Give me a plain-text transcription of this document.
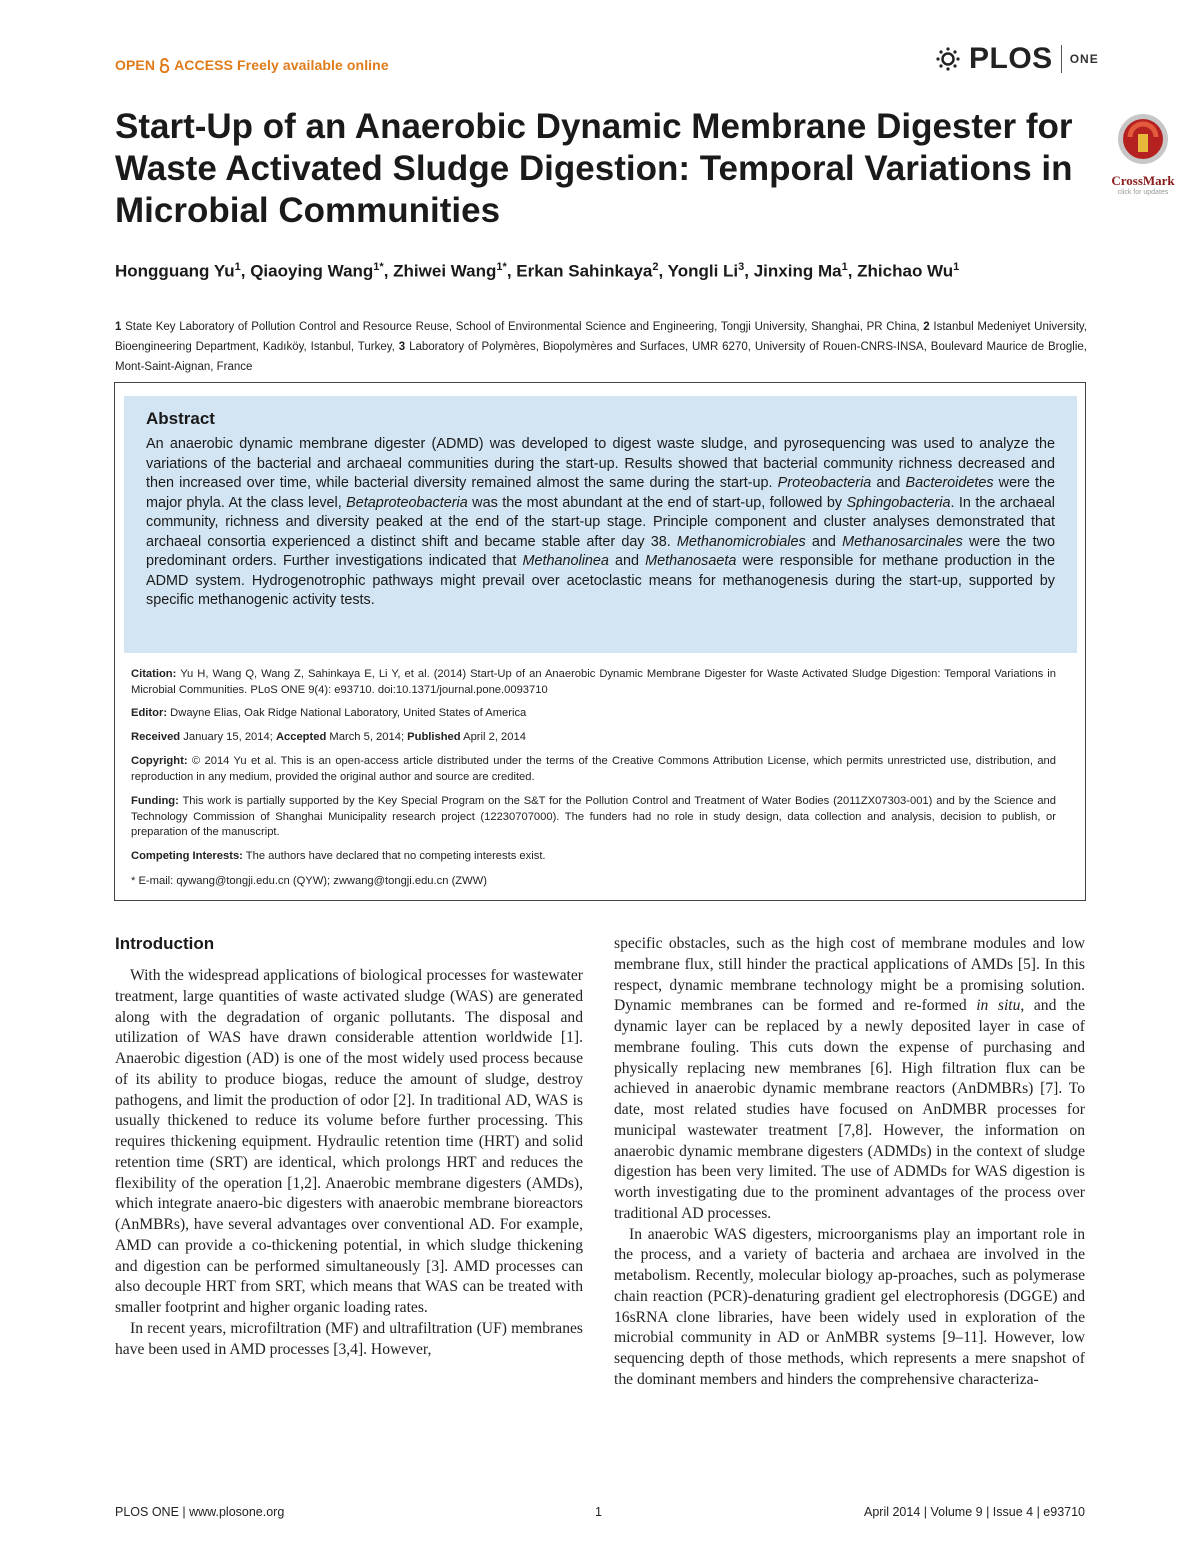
OPEN ACCESS Freely available online	PLOS ONE
Start-Up of an Anaerobic Dynamic Membrane Digester for Waste Activated Sludge Digestion: Temporal Variations in Microbial Communities
CrossMark
click for updates
Hongguang Yu$^1$, Qiaoying Wang$^{1*}$, Zhiwei Wang$^{1*}$, Erkan Sahinkaya$^2$, Yongli Li$^3$, Jinxing Ma$^1$, Zhichao Wu$^1$
1 State Key Laboratory of Pollution Control and Resource Reuse, School of Environmental Science and Engineering, Tongji University, Shanghai, PR China, 2 Istanbul Medeniyet University, Bioengineering Department, Kadıköy, Istanbul, Turkey, 3 Laboratory of Polymères, Biopolymères and Surfaces, UMR 6270, University of Rouen-CNRS-INSA, Boulevard Maurice de Broglie, Mont-Saint-Aignan, France
Abstract

An anaerobic dynamic membrane digester (ADMD) was developed to digest waste sludge, and pyrosequencing was used to analyze the variations of the bacterial and archaeal communities during the start-up. Results showed that bacterial community richness decreased and then increased over time, while bacterial diversity remained almost the same during the start-up. Proteobacteria and Bacteroidetes were the major phyla. At the class level, Betaproteobacteria was the most abundant at the end of start-up, followed by Sphingobacteria. In the archaeal community, richness and diversity peaked at the end of the start-up stage. Principle component and cluster analyses demonstrated that archaeal consortia experienced a distinct shift and became stable after day 38. Methanomicrobiales and Methanosarcinales were the two predominant orders. Further investigations indicated that Methanolinea and Methanosaeta were responsible for methane production in the ADMD system. Hydrogenotrophic pathways might prevail over acetoclastic means for methanogenesis during the start-up, supported by specific methanogenic activity tests.

Citation: Yu H, Wang Q, Wang Z, Sahinkaya E, Li Y, et al. (2014) Start-Up of an Anaerobic Dynamic Membrane Digester for Waste Activated Sludge Digestion: Temporal Variations in Microbial Communities. PLoS ONE 9(4): e93710. doi:10.1371/journal.pone.0093710

Editor: Dwayne Elias, Oak Ridge National Laboratory, United States of America

Received January 15, 2014; Accepted March 5, 2014; Published April 2, 2014

Copyright: © 2014 Yu et al. This is an open-access article distributed under the terms of the Creative Commons Attribution License, which permits unrestricted use, distribution, and reproduction in any medium, provided the original author and source are credited.

Funding: This work is partially supported by the Key Special Program on the S&T for the Pollution Control and Treatment of Water Bodies (2011ZX07303-001) and by the Science and Technology Commission of Shanghai Municipality research project (12230707000). The funders had no role in study design, data collection and analysis, decision to publish, or preparation of the manuscript.

Competing Interests: The authors have declared that no competing interests exist.

* E-mail: qywang@tongji.edu.cn (QYW); zwwang@tongji.edu.cn (ZWW)

Introduction

With the widespread applications of biological processes for wastewater treatment, large quantities of waste activated sludge (WAS) are generated along with the degradation of organic pollutants. The disposal and utilization of WAS have drawn considerable attention worldwide [1]. Anaerobic digestion (AD) is one of the most widely used process because of its ability to produce biogas, reduce the amount of sludge, destroy pathogens, and limit the production of odor [2]. In traditional AD, WAS is usually thickened to reduce its volume before further processing. This requires thickening equipment. Hydraulic retention time (HRT) and solid retention time (SRT) are identical, which prolongs HRT and reduces the flexibility of the operation [1,2]. Anaerobic membrane digesters (AMDs), which integrate anaero-bic digesters with anaerobic membrane bioreactors (AnMBRs), have several advantages over conventional AD. For example, AMD can provide a co-thickening potential, in which sludge thickening and digestion can be performed simultaneously [3]. AMD processes can also decouple HRT from SRT, which means that WAS can be treated with smaller footprint and higher organic loading rates.

In recent years, microfiltration (MF) and ultrafiltration (UF) membranes have been used in AMD processes [3,4]. However,

specific obstacles, such as the high cost of membrane modules and low membrane flux, still hinder the practical applications of AMDs [5]. In this respect, dynamic membrane technology might be a promising solution. Dynamic membranes can be formed and re-formed in situ, and the dynamic layer can be replaced by a newly deposited layer in case of membrane fouling. This cuts down the expense of purchasing and physically replacing new membranes [6]. High filtration flux can be achieved in anaerobic dynamic membrane reactors (AnDMBRs) [7]. To date, most related studies have focused on AnDMBR processes for municipal wastewater treatment [7,8]. However, the information on anaerobic dynamic membrane digesters (ADMDs) in the context of sludge digestion has been very limited. The use of ADMDs for WAS digestion is worth investigating due to the prominent advantages of the process over traditional AD processes.

In anaerobic WAS digesters, microorganisms play an important role in the process, and a variety of bacteria and archaea are involved in the metabolism. Recently, molecular biology ap-proaches, such as polymerase chain reaction (PCR)-denaturing gradient gel electrophoresis (DGGE) and 16sRNA clone libraries, have been widely used in exploration of the microbial community in AD or AnMBR systems [9–11]. However, low sequencing depth of those methods, which represents a mere snapshot of the dominant members and hinders the comprehensive characteriza-

PLOS ONE | www.plosone.org	1	April 2014 | Volume 9 | Issue 4 | e93710
